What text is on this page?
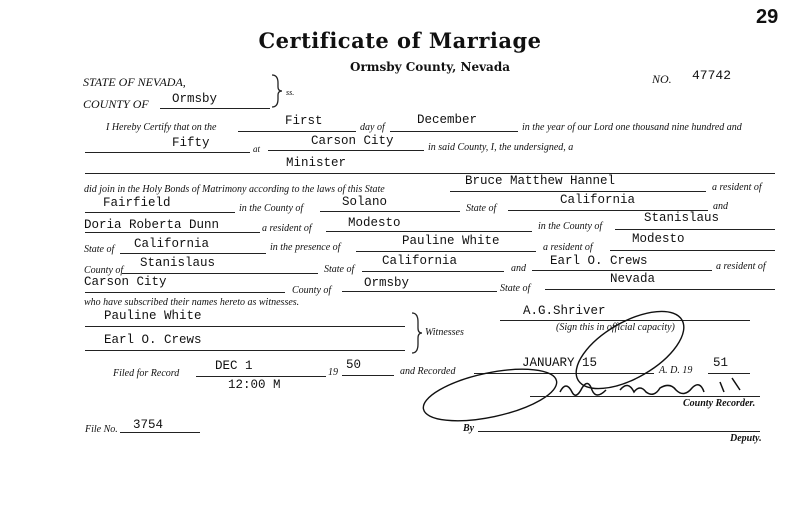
29
Certificate of Marriage
Ormsby County, Nevada
STATE OF NEVADA,
COUNTY OF Ormsby	ss.
NO. 47742
I Hereby Certify that on the	First	day of
December
in the year of our Lord one thousand nine hundred and
Fifty	at
Carson City	in said County, I, the undersigned, a
Minister
did join in the Holy Bonds of Matrimony according to the laws of this State
Bruce Matthew Hannel	a resident of
Fairfield	in the County of	Solano	State of
California	and
Doria Roberta Dunn	a resident of	Modesto	in the County of
Stanislaus
State of California	in the presence of	Pauline White	a resident of
Modesto
County of
Stanislaus	State of
California
and
Earl O. Crews	a resident of
Carson City
County of
Ormsby	State of
Nevada
who have subscribed their names hereto as witnesses.
Pauline White
Earl O. Crews
Witnesses
A.G.Shriver
(Sign this in official capacity)
Filed for Record
DEC 1	19
50	and Recorded
JANUARY 15
A. D. 19
51
12:00 M
County Recorder.
File No. 3754	By
Deputy.
